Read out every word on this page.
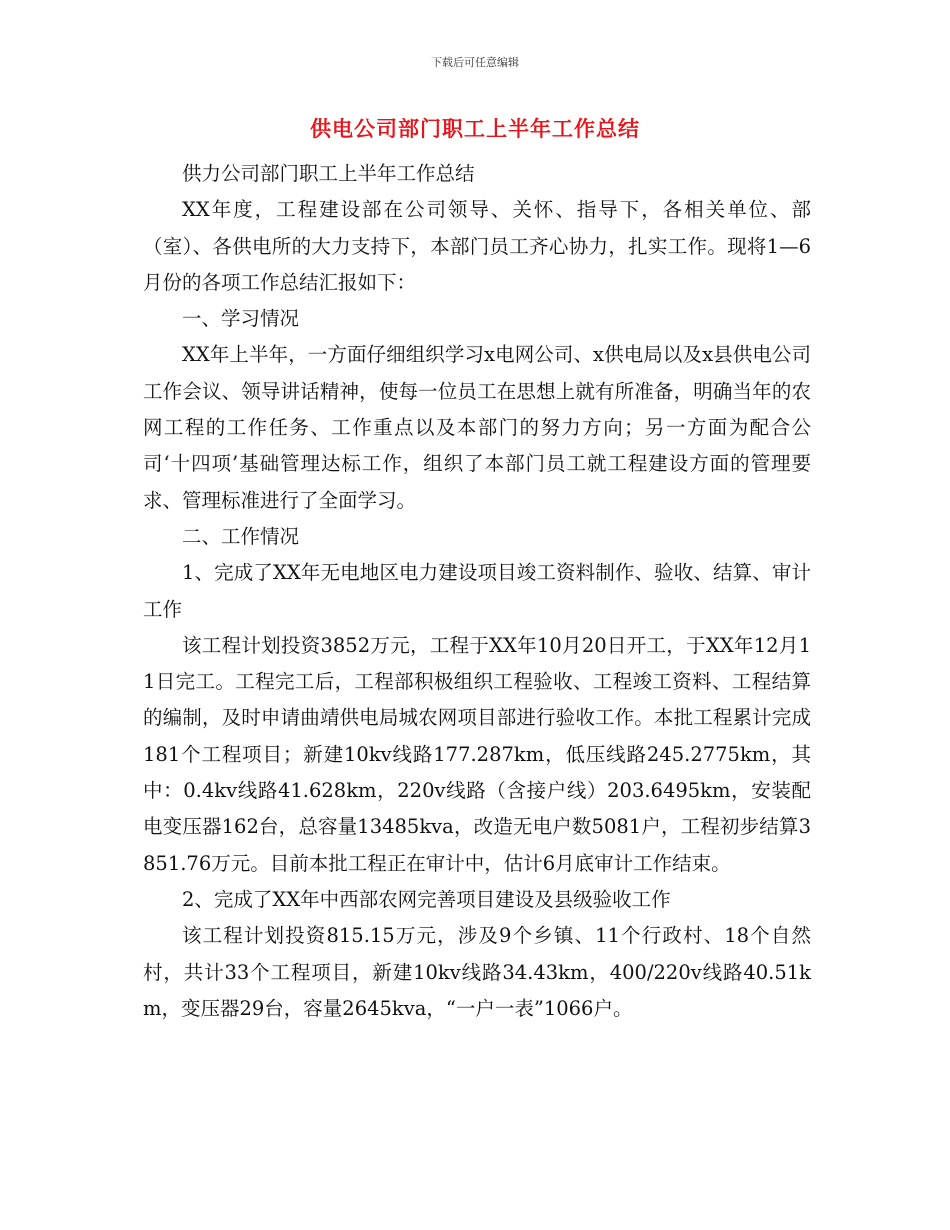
下载后可任意编辑
供电公司部门职工上半年工作总结

供力公司部门职工上半年工作总结

XX年度，工程建设部在公司领导、关怀、指导下，各相关单位、部（室）、各供电所的大力支持下，本部门员工齐心协力，扎实工作。现将1—6月份的各项工作总结汇报如下：

一、学习情况

XX年上半年，一方面仔细组织学习x电网公司、x供电局以及x县供电公司工作会议、领导讲话精神，使每一位员工在思想上就有所准备，明确当年的农网工程的工作任务、工作重点以及本部门的努力方向；另一方面为配合公司‘十四项’基础管理达标工作，组织了本部门员工就工程建设方面的管理要求、管理标准进行了全面学习。

二、工作情况

1、完成了XX年无电地区电力建设项目竣工资料制作、验收、结算、审计工作

该工程计划投资3852万元，工程于XX年10月20日开工，于XX年12月11日完工。工程完工后，工程部积极组织工程验收、工程竣工资料、工程结算的编制，及时申请曲靖供电局城农网项目部进行验收工作。本批工程累计完成181个工程项目；新建10kv线路177.287km，低压线路245.2775km，其中：0.4kv线路41.628km，220v线路（含接户线）203.6495km，安装配电变压器162台，总容量13485kva，改造无电户数5081户，工程初步结算3851.76万元。目前本批工程正在审计中，估计6月底审计工作结束。

2、完成了XX年中西部农网完善项目建设及县级验收工作

该工程计划投资815.15万元，涉及9个乡镇、11个行政村、18个自然村，共计33个工程项目，新建10kv线路34.43km，400/220v线路40.51km，变压器29台，容量2645kva，“一户一表”1066户。
